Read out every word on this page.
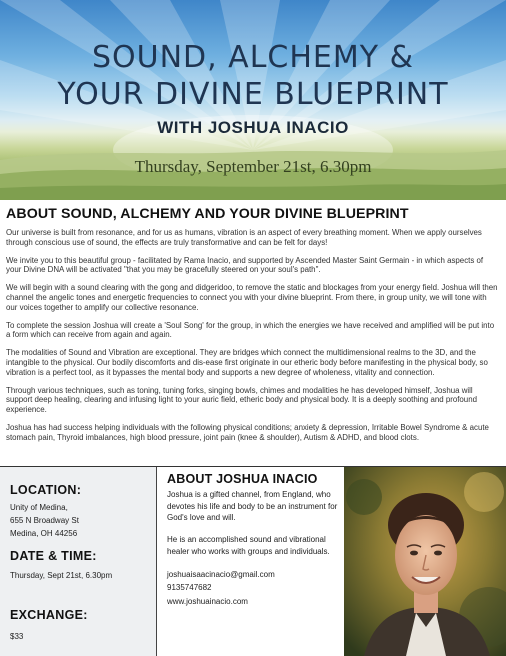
SOUND, ALCHEMY &
YOUR DIVINE BLUEPRINT
WITH JOSHUA INACIO
Thursday, September 21st, 6.30pm
ABOUT SOUND, ALCHEMY AND YOUR DIVINE BLUEPRINT

Our universe is built from resonance, and for us as humans, vibration is an aspect of every breathing moment. When we apply ourselves through conscious use of sound, the effects are truly transformative and can be felt for days!

We invite you to this beautiful group - facilitated by Rama Inacio, and supported by Ascended Master Saint Germain - in which aspects of your Divine DNA will be activated "that you may be gracefully steered on your soul's path".

We will begin with a sound clearing with the gong and didgeridoo, to remove the static and blockages from your energy field. Joshua will then channel the angelic tones and energetic frequencies to connect you with your divine blueprint. From there, in group unity, we will tone with our voices together to amplify our collective resonance.

To complete the session Joshua will create a 'Soul Song' for the group, in which the energies we have received and amplified will be put into a form which can receive from again and again.

The modalities of Sound and Vibration are exceptional. They are bridges which connect the multidimensional realms to the 3D, and the intangible to the physical. Our bodily discomforts and dis-ease first originate in our etheric body before manifesting in the physical body, so vibration is a perfect tool, as it bypasses the mental body and supports a new degree of wholeness, vitality and connection.

Through various techniques, such as toning, tuning forks, singing bowls, chimes and modalities he has developed himself, Joshua will support deep healing, clearing and infusing light to your auric field, etheric body and physical body. It is a deeply soothing and profound experience.

Joshua has had success helping individuals with the following physical conditions; anxiety & depression, Irritable Bowel Syndrome & acute stomach pain, Thyroid imbalances, high blood pressure, joint pain (knee & shoulder), Autism & ADHD, and blood clots.

LOCATION:
Unity of Medina,
655 N Broadway St
Medina, OH 44256
DATE & TIME:
Thursday, Sept 21st, 6.30pm
EXCHANGE:
$33
ABOUT JOSHUA INACIO

Joshua is a gifted channel, from England, who devotes his life and body to be an instrument for God's love and will.

He is an accomplished sound and vibrational healer who works with groups and individuals.

joshuaisaacinacio@gmail.com
9135747682
www.joshuainacio.com
